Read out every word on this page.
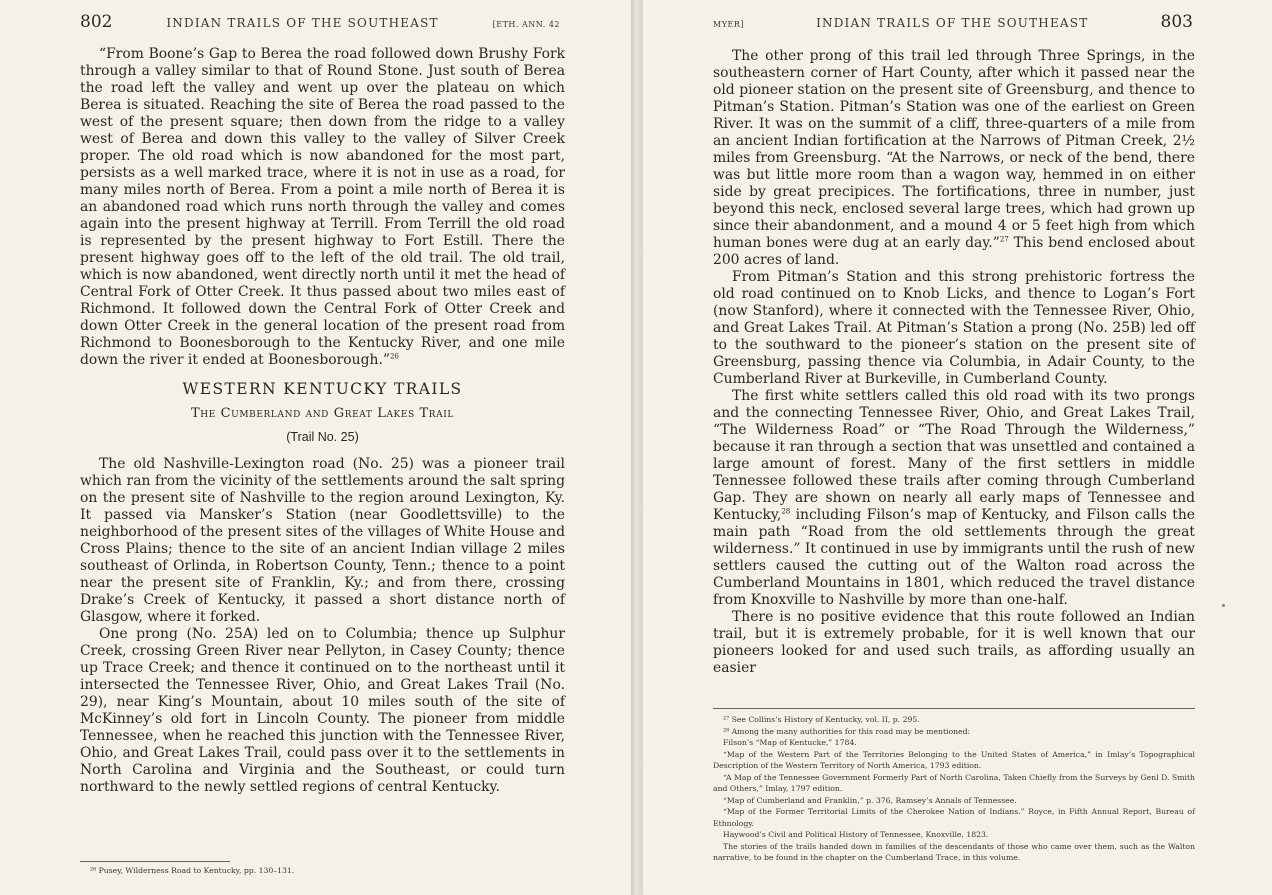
802	INDIAN TRAILS OF THE SOUTHEAST	[ETH. ANN. 42

“From Boone’s Gap to Berea the road followed down Brushy Fork through a valley similar to that of Round Stone. Just south of Berea the road left the valley and went up over the plateau on which Berea is situated. Reaching the site of Berea the road passed to the west of the present square; then down from the ridge to a valley west of Berea and down this valley to the valley of Silver Creek proper. The old road which is now abandoned for the most part, persists as a well marked trace, where it is not in use as a road, for many miles north of Berea. From a point a mile north of Berea it is an abandoned road which runs north through the valley and comes again into the present highway at Terrill. From Terrill the old road is represented by the present highway to Fort Estill. There the present highway goes off to the left of the old trail. The old trail, which is now abandoned, went directly north until it met the head of Central Fork of Otter Creek. It thus passed about two miles east of Richmond. It followed down the Central Fork of Otter Creek and down Otter Creek in the general location of the present road from Richmond to Boonesborough to the Kentucky River, and one mile down the river it ended at Boonesborough.”$^{26}$

WESTERN KENTUCKY TRAILS
The Cumberland and Great Lakes Trail
(Trail No. 25)

The old Nashville-Lexington road (No. 25) was a pioneer trail which ran from the vicinity of the settlements around the salt spring on the present site of Nashville to the region around Lexington, Ky. It passed via Mansker’s Station (near Goodlettsville) to the neighborhood of the present sites of the villages of White House and Cross Plains; thence to the site of an ancient Indian village 2 miles southeast of Orlinda, in Robertson County, Tenn.; thence to a point near the present site of Franklin, Ky.; and from there, crossing Drake’s Creek of Kentucky, it passed a short distance north of Glasgow, where it forked.

One prong (No. 25A) led on to Columbia; thence up Sulphur Creek, crossing Green River near Pellyton, in Casey County; thence up Trace Creek; and thence it continued on to the northeast until it intersected the Tennessee River, Ohio, and Great Lakes Trail (No. 29), near King’s Mountain, about 10 miles south of the site of McKinney’s old fort in Lincoln County. The pioneer from middle Tennessee, when he reached this junction with the Tennessee River, Ohio, and Great Lakes Trail, could pass over it to the settlements in North Carolina and Virginia and the Southeast, or could turn northward to the newly settled regions of central Kentucky.

²⁶ Pusey, Wilderness Road to Kentucky, pp. 130–131.

MYER]	INDIAN TRAILS OF THE SOUTHEAST	803

The other prong of this trail led through Three Springs, in the southeastern corner of Hart County, after which it passed near the old pioneer station on the present site of Greensburg, and thence to Pitman’s Station. Pitman’s Station was one of the earliest on Green River. It was on the summit of a cliff, three-quarters of a mile from an ancient Indian fortification at the Narrows of Pitman Creek, 2½ miles from Greensburg. “At the Narrows, or neck of the bend, there was but little more room than a wagon way, hemmed in on either side by great precipices. The fortifications, three in number, just beyond this neck, enclosed several large trees, which had grown up since their abandonment, and a mound 4 or 5 feet high from which human bones were dug at an early day.”$^{27}$ This bend enclosed about 200 acres of land.

From Pitman’s Station and this strong prehistoric fortress the old road continued on to Knob Licks, and thence to Logan’s Fort (now Stanford), where it connected with the Tennessee River, Ohio, and Great Lakes Trail. At Pitman’s Station a prong (No. 25B) led off to the southward to the pioneer’s station on the present site of Greensburg, passing thence via Columbia, in Adair County, to the Cumberland River at Burkeville, in Cumberland County.

The first white settlers called this old road with its two prongs and the connecting Tennessee River, Ohio, and Great Lakes Trail, “The Wilderness Road” or “The Road Through the Wilderness,” because it ran through a section that was unsettled and contained a large amount of forest. Many of the first settlers in middle Tennessee followed these trails after coming through Cumberland Gap. They are shown on nearly all early maps of Tennessee and Kentucky,$^{28}$ including Filson’s map of Kentucky, and Filson calls the main path “Road from the old settlements through the great wilderness.” It continued in use by immigrants until the rush of new settlers caused the cutting out of the Walton road across the Cumberland Mountains in 1801, which reduced the travel distance from Knoxville to Nashville by more than one-half.

There is no positive evidence that this route followed an Indian trail, but it is extremely probable, for it is well known that our pioneers looked for and used such trails, as affording usually an easier

²⁷ See Collins’s History of Kentucky, vol. II, p. 295.

²⁸ Among the many authorities for this road may be mentioned:

Filson’s “Map of Kentucke,” 1784.

“Map of the Western Part of the Territories Belonging to the United States of America,” in Imlay’s Topographical Description of the Western Territory of North America, 1793 edition.

“A Map of the Tennessee Government Formerly Part of North Carolina, Taken Chiefly from the Surveys by Genl D. Smith and Others,” Imlay, 1797 edition.

“Map of Cumberland and Franklin,” p. 376, Ramsey’s Annals of Tennessee.

“Map of the Former Territorial Limits of the Cherokee Nation of Indians.” Royce, in Fifth Annual Report, Bureau of Ethnology.

Haywood’s Civil and Political History of Tennessee, Knoxville, 1823.

The stories of the trails handed down in families of the descendants of those who came over them, such as the Walton narrative, to be found in the chapter on the Cumberland Trace, in this volume.
